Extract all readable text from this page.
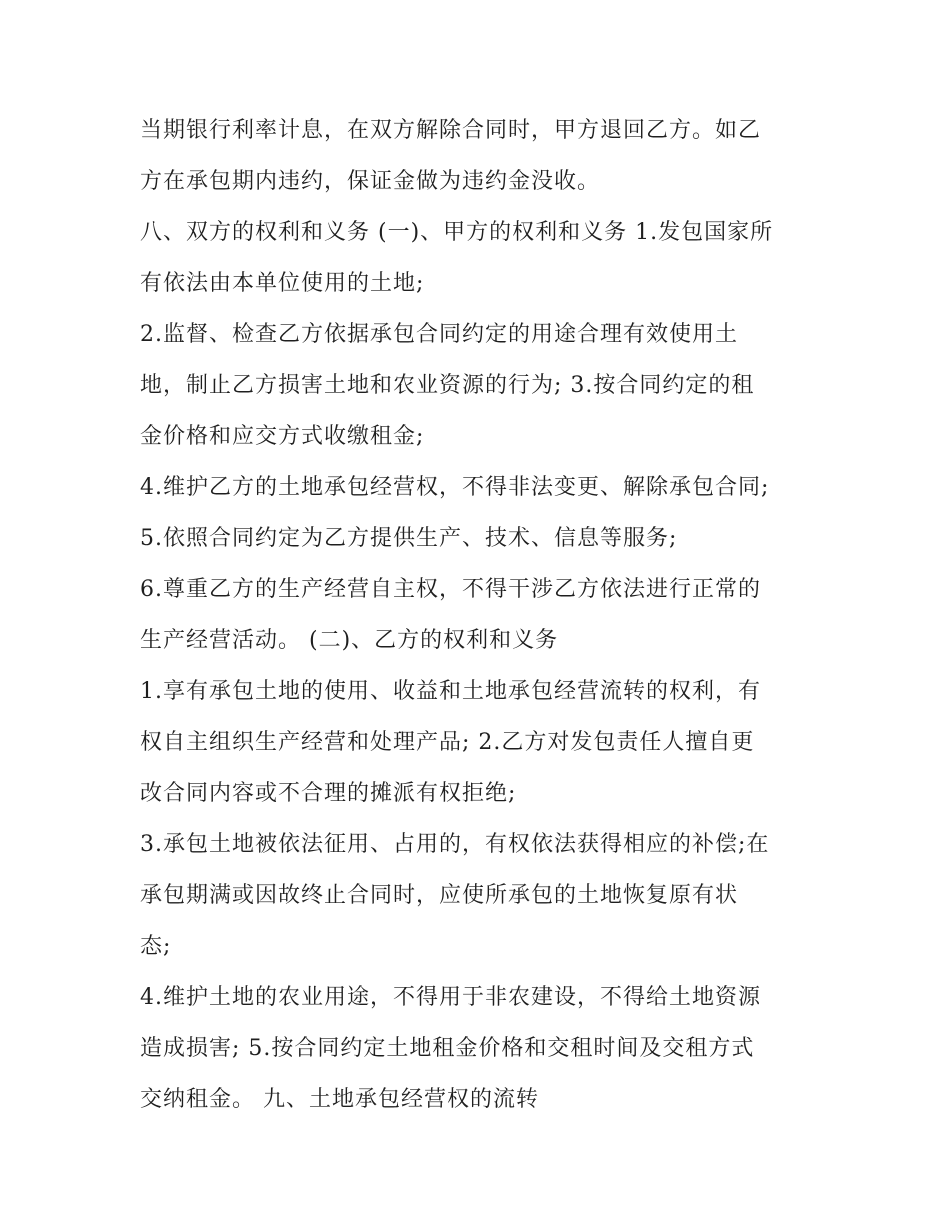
当期银行利率计息，在双方解除合同时，甲方退回乙方。如乙
方在承包期内违约，保证金做为违约金没收。
八、双方的权利和义务 (一)、甲方的权利和义务 1.发包国家所
有依法由本单位使用的土地;
2.监督、检查乙方依据承包合同约定的用途合理有效使用土
地，制止乙方损害土地和农业资源的行为; 3.按合同约定的租
金价格和应交方式收缴租金;
4.维护乙方的土地承包经营权，不得非法变更、解除承包合同;
5.依照合同约定为乙方提供生产、技术、信息等服务;
6.尊重乙方的生产经营自主权，不得干涉乙方依法进行正常的
生产经营活动。 (二)、乙方的权利和义务
1.享有承包土地的使用、收益和土地承包经营流转的权利，有
权自主组织生产经营和处理产品; 2.乙方对发包责任人擅自更
改合同内容或不合理的摊派有权拒绝;
3.承包土地被依法征用、占用的，有权依法获得相应的补偿;在
承包期满或因故终止合同时，应使所承包的土地恢复原有状
态;
4.维护土地的农业用途，不得用于非农建设，不得给土地资源
造成损害; 5.按合同约定土地租金价格和交租时间及交租方式
交纳租金。 九、土地承包经营权的流转
